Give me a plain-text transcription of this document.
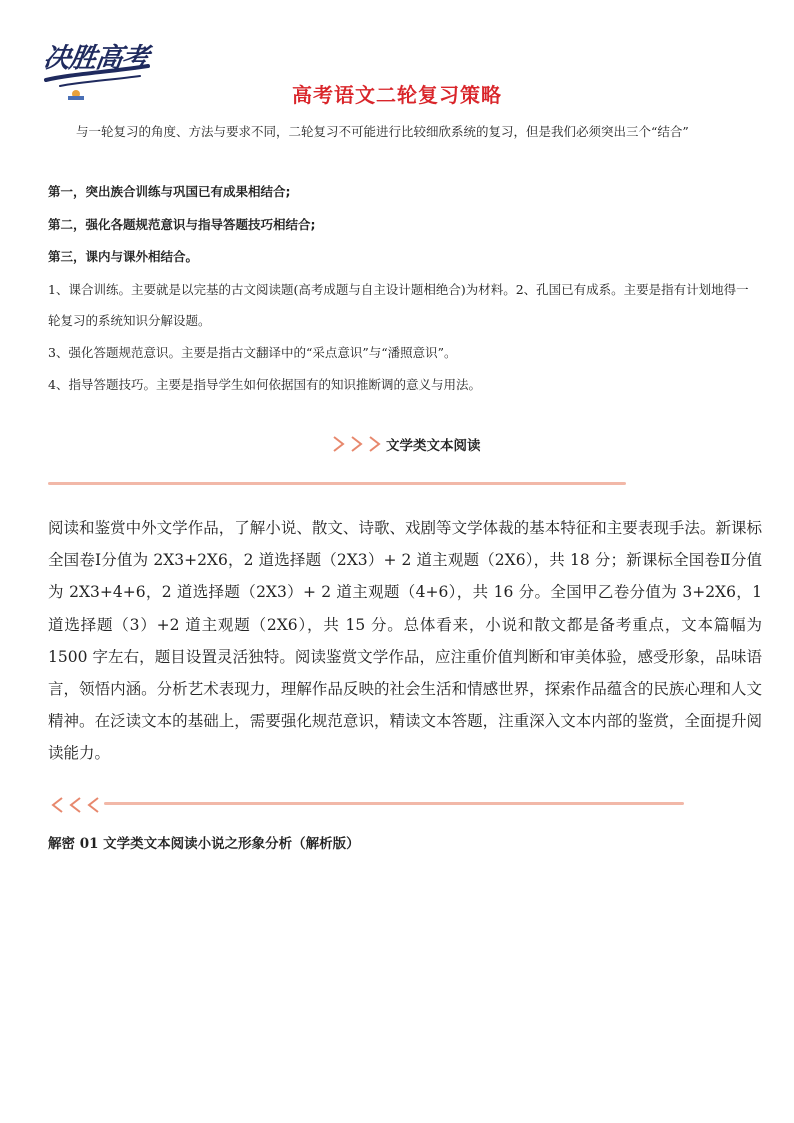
决胜高考
高考语文二轮复习策略
与一轮复习的角度、方法与要求不同，二轮复习不可能进行比较细欣系统的复习，但是我们必须突出三个“结合”
第一，突出族合训练与巩国已有成果相结合;
第二，强化各题规范意识与指导答题技巧相结合;
第三，课内与课外相结合。
1、课合训练。主要就是以完基的古文阅读题(高考成题与自主设计题相绝合)为材料。2、孔国已有成系。主要是指有计划地得一轮复习的系统知识分解设题。
3、强化答题规范意识。主要是指古文翻译中的“采点意识”与“潘照意识”。
4、指导答题技巧。主要是指导学生如何依据国有的知识推断调的意义与用法。
文学类文本阅读
阅读和鉴赏中外文学作品，了解小说、散文、诗歌、戏剧等文学体裁的基本特征和主要表现手法。新课标全国卷Ⅰ分值为 2X3+2X6，2 道选择题（2X3）+ 2 道主观题（2X6），共 18 分；新课标全国卷Ⅱ分值为 2X3+4+6，2 道选择题（2X3）+ 2 道主观题（4+6），共 16 分。全国甲乙卷分值为 3+2X6，1 道选择题（3）+2 道主观题（2X6），共 15 分。总体看来，小说和散文都是备考重点，文本篇幅为 1500 字左右，题目设置灵活独特。阅读鉴赏文学作品，应注重价值判断和审美体验，感受形象，品味语言，领悟内涵。分析艺术表现力，理解作品反映的社会生活和情感世界，探索作品蕴含的民族心理和人文精神。在泛读文本的基础上，需要强化规范意识，精读文本答题，注重深入文本内部的鉴赏，全面提升阅读能力。
解密 01 文学类文本阅读小说之形象分析（解析版）
